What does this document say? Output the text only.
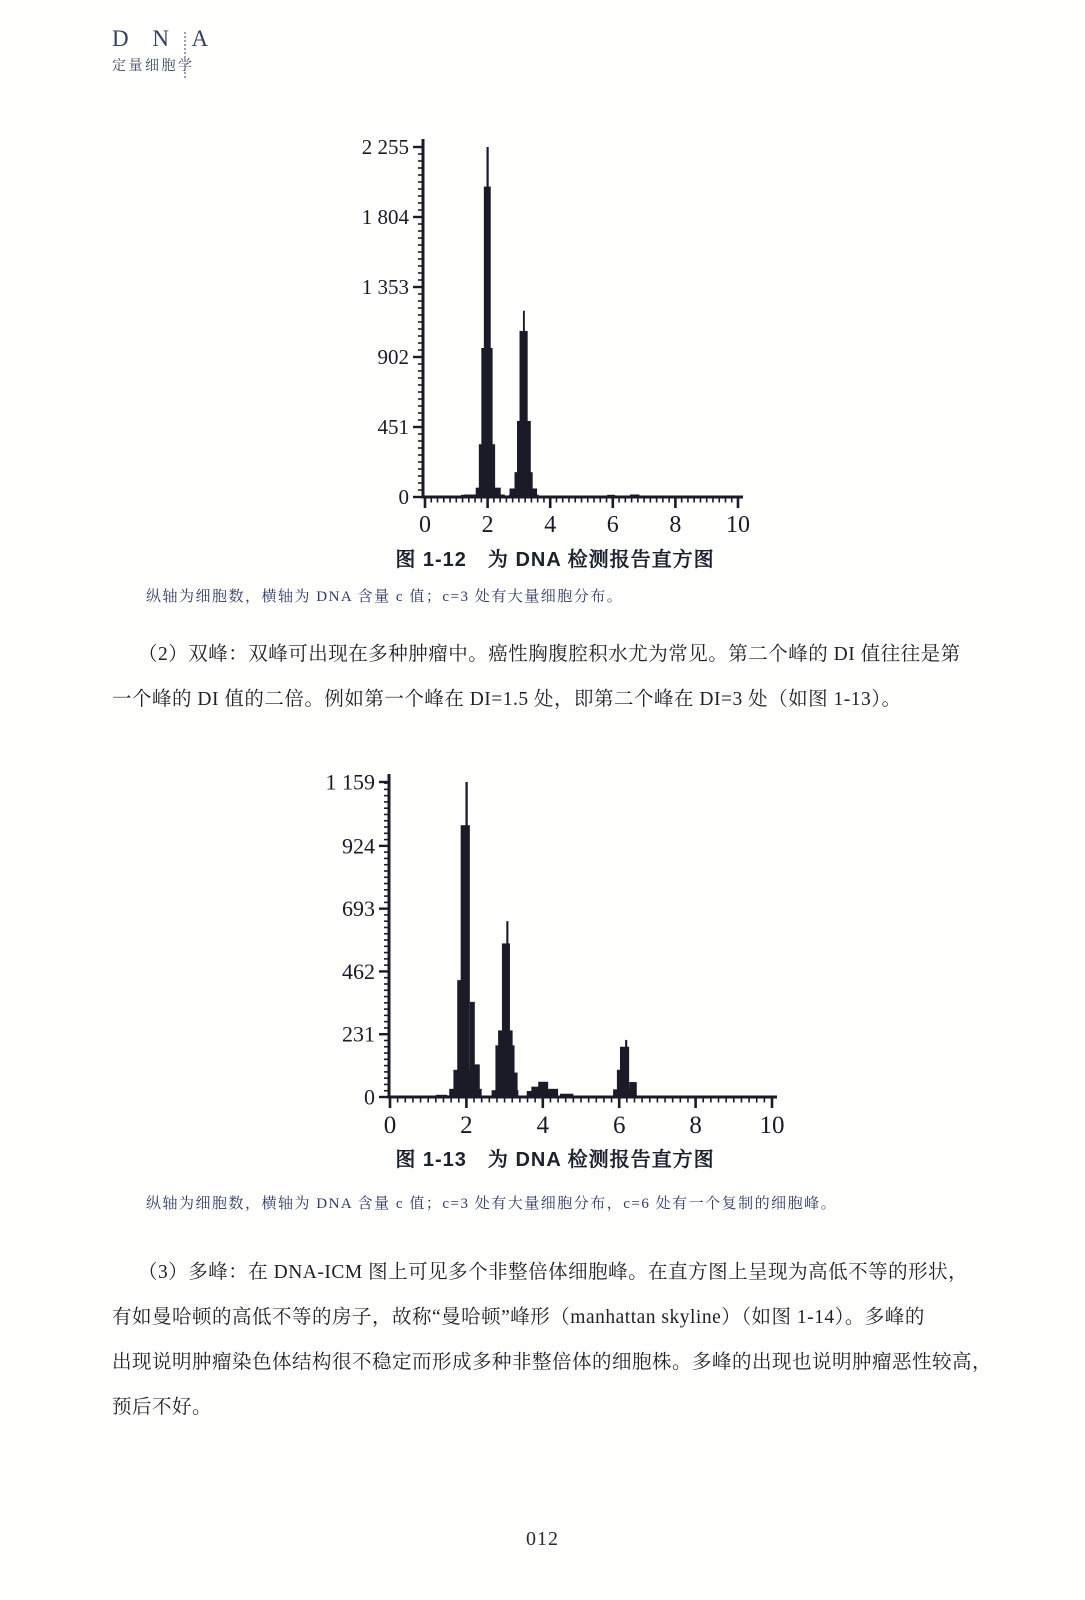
D N A
定量细胞学
0
451
902
1 353
1 804
2 255
0 2 4 6 8 10
图 1-12　为 DNA 检测报告直方图
纵轴为细胞数，横轴为 DNA 含量 c 值；c=3 处有大量细胞分布。
（2）双峰：双峰可出现在多种肿瘤中。癌性胸腹腔积水尤为常见。第二个峰的 DI 值往往是第
一个峰的 DI 值的二倍。例如第一个峰在 DI=1.5 处，即第二个峰在 DI=3 处（如图 1-13）。
0
231
462
693
924
1 159
0	2	4	6	8 10
图 1-13　为 DNA 检测报告直方图
纵轴为细胞数，横轴为 DNA 含量 c 值；c=3 处有大量细胞分布，c=6 处有一个复制的细胞峰。
（3）多峰：在 DNA-ICM 图上可见多个非整倍体细胞峰。在直方图上呈现为高低不等的形状，
有如曼哈顿的高低不等的房子，故称“曼哈顿”峰形（manhattan skyline）（如图 1-14）。多峰的
出现说明肿瘤染色体结构很不稳定而形成多种非整倍体的细胞株。多峰的出现也说明肿瘤恶性较高，
预后不好。
012
